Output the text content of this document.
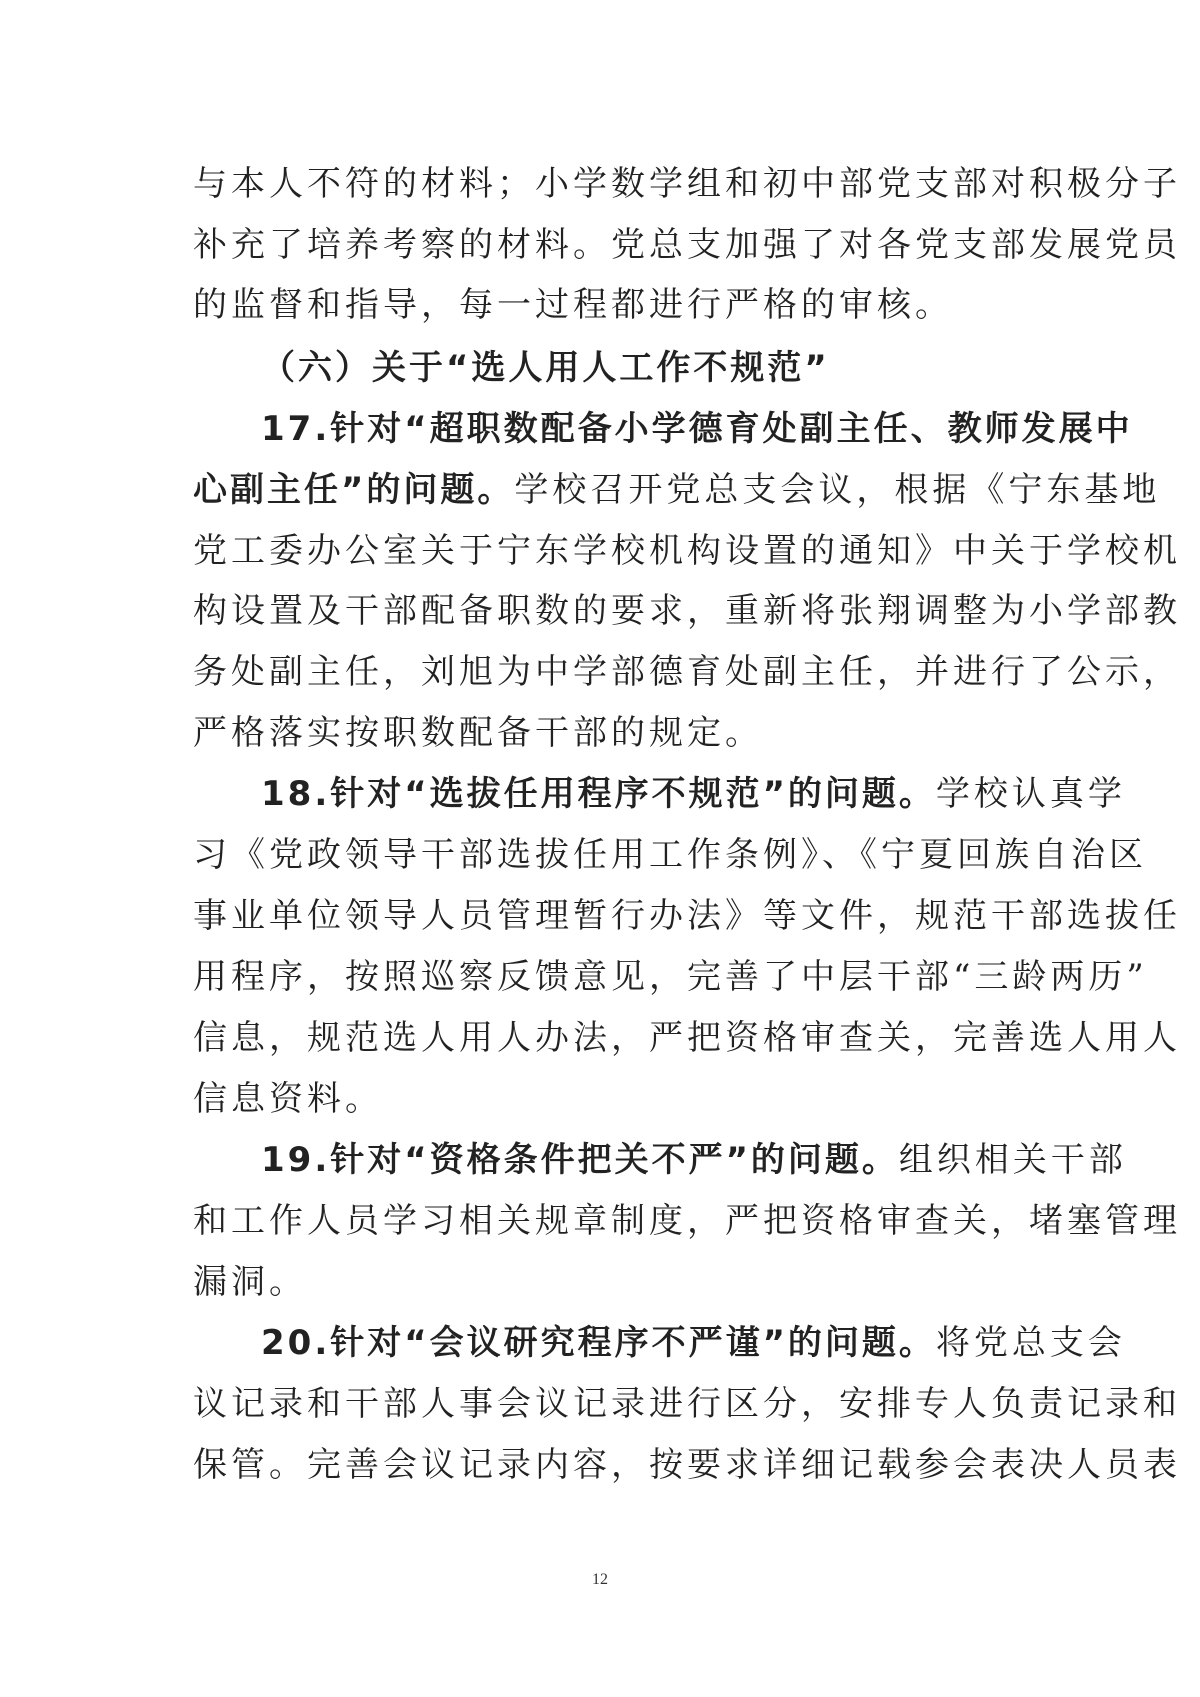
与本人不符的材料；小学数学组和初中部党支部对积极分子
补充了培养考察的材料。党总支加强了对各党支部发展党员
的监督和指导，每一过程都进行严格的审核。
（六）关于“选人用人工作不规范”
17.针对“超职数配备小学德育处副主任、教师发展中
心副主任”的问题。学校召开党总支会议，根据《宁东基地
党工委办公室关于宁东学校机构设置的通知》中关于学校机
构设置及干部配备职数的要求，重新将张翔调整为小学部教
务处副主任，刘旭为中学部德育处副主任，并进行了公示，
严格落实按职数配备干部的规定。
18.针对“选拔任用程序不规范”的问题。学校认真学
习《党政领导干部选拔任用工作条例》、《宁夏回族自治区
事业单位领导人员管理暂行办法》等文件，规范干部选拔任
用程序，按照巡察反馈意见，完善了中层干部“三龄两历”
信息，规范选人用人办法，严把资格审查关，完善选人用人
信息资料。
19.针对“资格条件把关不严”的问题。组织相关干部
和工作人员学习相关规章制度，严把资格审查关，堵塞管理
漏洞。
20.针对“会议研究程序不严谨”的问题。将党总支会
议记录和干部人事会议记录进行区分，安排专人负责记录和
保管。完善会议记录内容，按要求详细记载参会表决人员表
12
